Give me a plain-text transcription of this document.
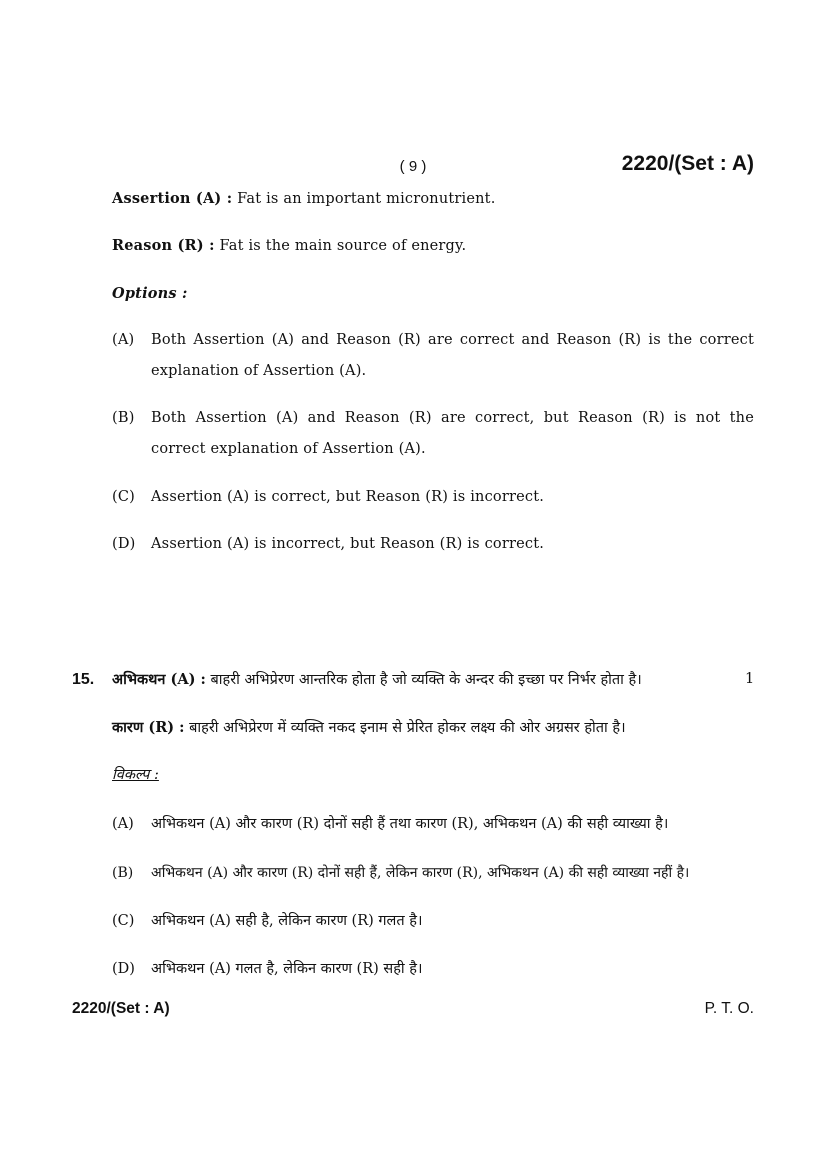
( 9 )	2220/(Set : A)
Assertion (A) : Fat is an important micronutrient.
Reason (R) : Fat is the main source of energy.
Options :
(A) Both Assertion (A) and Reason (R) are correct and Reason (R) is the correct explanation of Assertion (A).
(B) Both Assertion (A) and Reason (R) are correct, but Reason (R) is not the correct explanation of Assertion (A).
(C) Assertion (A) is correct, but Reason (R) is incorrect.
(D) Assertion (A) is incorrect, but Reason (R) is correct.
15.	1
अभिकथन (A) : बाहरी अभिप्रेरण आन्तरिक होता है जो व्यक्ति के अन्दर की इच्छा पर निर्भर होता है।
कारण (R) : बाहरी अभिप्रेरण में व्यक्ति नकद इनाम से प्रेरित होकर लक्ष्य की ओर अग्रसर होता है।
विकल्प :
(A) अभिकथन (A) और कारण (R) दोनों सही हैं तथा कारण (R), अभिकथन (A) की सही व्याख्या है।
(B) अभिकथन (A) और कारण (R) दोनों सही हैं, लेकिन कारण (R), अभिकथन (A) की सही व्याख्या नहीं है।
(C) अभिकथन (A) सही है, लेकिन कारण (R) गलत है।
(D) अभिकथन (A) गलत है, लेकिन कारण (R) सही है।
2220/(Set : A)	P. T. O.
